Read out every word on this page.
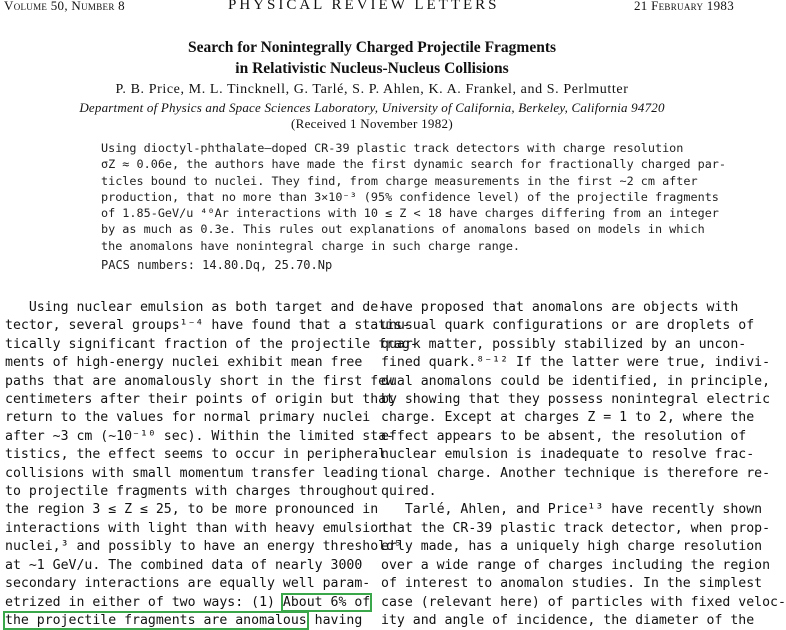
Volume 50, Number 8	PHYSICAL REVIEW LETTERS	21 February 1983
Search for Nonintegrally Charged Projectile Fragments
in Relativistic Nucleus-Nucleus Collisions
P. B. Price, M. L. Tincknell, G. Tarlé, S. P. Ahlen, K. A. Frankel, and S. Perlmutter
Department of Physics and Space Sciences Laboratory, University of California, Berkeley, California 94720
(Received 1 November 1982)
Using dioctyl-phthalate–doped CR-39 plastic track detectors with charge resolution
σZ ≈ 0.06e, the authors have made the first dynamic search for fractionally charged par-
ticles bound to nuclei. They find, from charge measurements in the first ~2 cm after
production, that no more than 3×10⁻³ (95% confidence level) of the projectile fragments
of 1.85-GeV/u ⁴⁰Ar interactions with 10 ≤ Z < 18 have charges differing from an integer
by as much as 0.3e. This rules out explanations of anomalons based on models in which
the anomalons have nonintegral charge in such charge range.
PACS numbers: 14.80.Dq, 25.70.Np
Using nuclear emulsion as both target and de-
tector, several groups¹⁻⁴ have found that a statis-
tically significant fraction of the projectile frag-
ments of high-energy nuclei exhibit mean free
paths that are anomalously short in the first few
centimeters after their points of origin but that
return to the values for normal primary nuclei
after ~3 cm (~10⁻¹⁰ sec). Within the limited sta-
tistics, the effect seems to occur in peripheral
collisions with small momentum transfer leading
to projectile fragments with charges throughout
the region 3 ≤ Z ≤ 25, to be more pronounced in
interactions with light than with heavy emulsion
nuclei,³ and possibly to have an energy threshold⁵
at ~1 GeV/u. The combined data of nearly 3000
secondary interactions are equally well param-
etrized in either of two ways: (1) About 6% of
the projectile fragments are anomalous having
have proposed that anomalons are objects with
unusual quark configurations or are droplets of
quark matter, possibly stabilized by an uncon-
fined quark.⁸⁻¹² If the latter were true, indivi-
dual anomalons could be identified, in principle,
by showing that they possess nonintegral electric
charge. Except at charges Z = 1 to 2, where the
effect appears to be absent, the resolution of
nuclear emulsion is inadequate to resolve frac-
tional charge. Another technique is therefore re-
quired.
Tarlé, Ahlen, and Price¹³ have recently shown
that the CR-39 plastic track detector, when prop-
erly made, has a uniquely high charge resolution
over a wide range of charges including the region
of interest to anomalon studies. In the simplest
case (relevant here) of particles with fixed veloc-
ity and angle of incidence, the diameter of the
